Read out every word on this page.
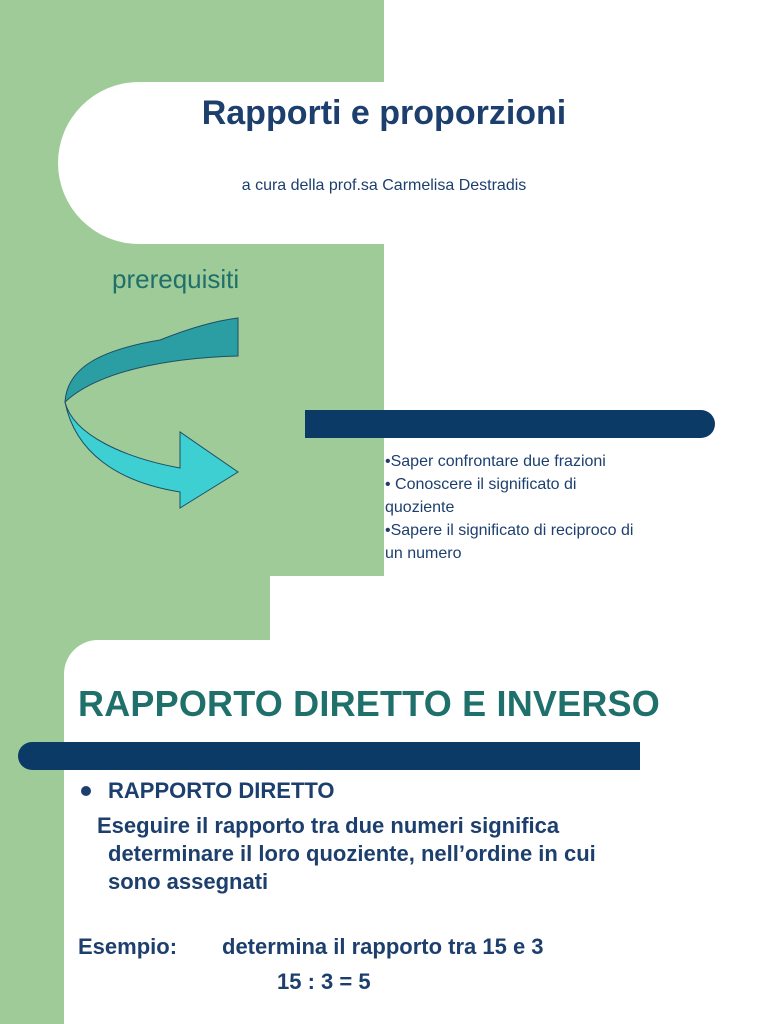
Rapporti e proporzioni
a cura della prof.sa Carmelisa Destradis
prerequisiti
•Saper confrontare due frazioni
• Conoscere il significato di
quoziente
•Sapere il significato di reciproco di
un numero
RAPPORTO DIRETTO E INVERSO
RAPPORTO DIRETTO
Eseguire il rapporto tra due numeri significa
determinare il loro quoziente, nell’ordine in cui
sono assegnati
Esempio: determina il rapporto tra 15 e 3
15 : 3 = 5
